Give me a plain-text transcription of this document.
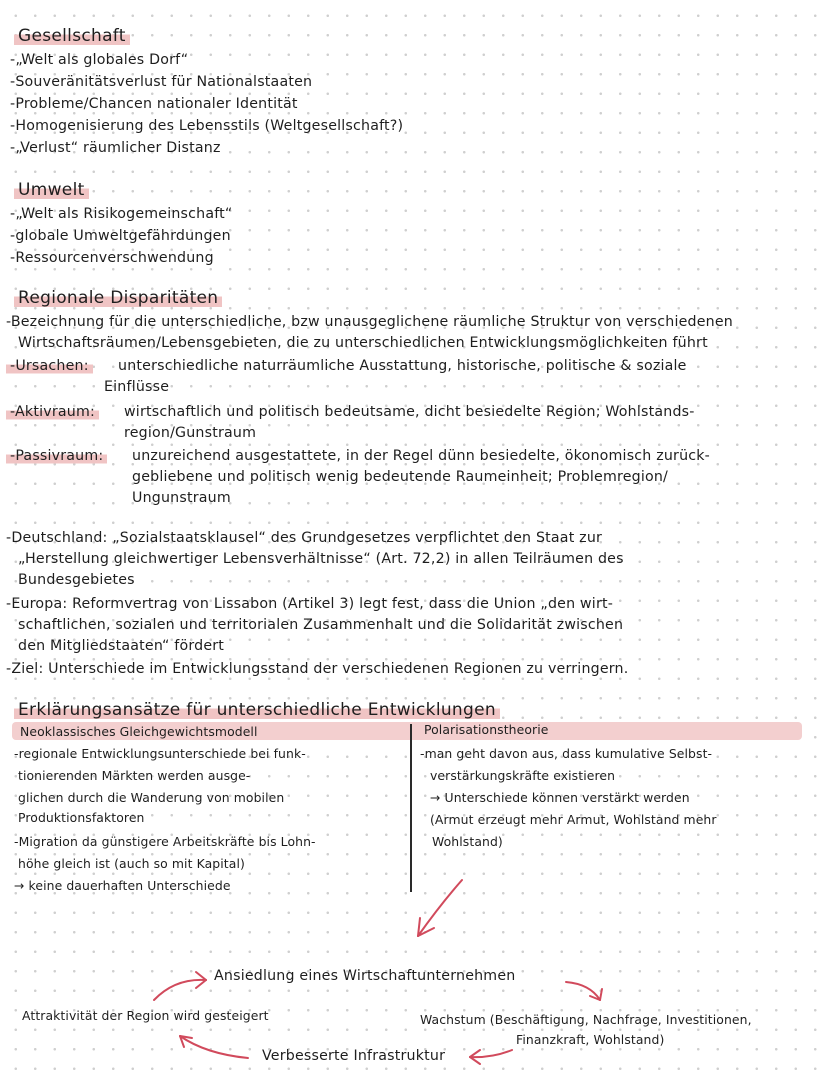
Gesellschaft
-„Welt als globales Dorf“
-Souveränitätsverlust für Nationalstaaten
-Probleme/Chancen nationaler Identität
-Homogenisierung des Lebensstils (Weltgesellschaft?)
-„Verlust“ räumlicher Distanz
Umwelt
-„Welt als Risikogemeinschaft“
-globale Umweltgefährdungen
-Ressourcenverschwendung
Regionale Disparitäten
-Bezeichnung für die unterschiedliche, bzw unausgeglichene räumliche Struktur von verschiedenen
Wirtschaftsräumen/Lebensgebieten, die zu unterschiedlichen Entwicklungsmöglichkeiten führt
-Ursachen: unterschiedliche naturräumliche Ausstattung, historische, politische & soziale
Einflüsse
-Aktivraum: wirtschaftlich und politisch bedeutsame, dicht besiedelte Region; Wohlstands-
region/Gunstraum
-Passivraum: unzureichend ausgestattete, in der Regel dünn besiedelte, ökonomisch zurück-
gebliebene und politisch wenig bedeutende Raumeinheit; Problemregion/
Ungunstraum
-Deutschland: „Sozialstaatsklausel“ des Grundgesetzes verpflichtet den Staat zur
„Herstellung gleichwertiger Lebensverhältnisse“ (Art. 72,2) in allen Teilräumen des
Bundesgebietes
-Europa: Reformvertrag von Lissabon (Artikel 3) legt fest, dass die Union „den wirt-
schaftlichen, sozialen und territorialen Zusammenhalt und die Solidarität zwischen
den Mitgliedstaaten“ fördert
-Ziel: Unterschiede im Entwicklungsstand der verschiedenen Regionen zu verringern.
Erklärungsansätze für unterschiedliche Entwicklungen
Neoklassisches Gleichgewichtsmodell	Polarisationstheorie
-regionale Entwicklungsunterschiede bei funk-
tionierenden Märkten werden ausge-
glichen durch die Wanderung von mobilen
Produktionsfaktoren
-Migration da günstigere Arbeitskräfte bis Lohn-
höhe gleich ist (auch so mit Kapital)
→ keine dauerhaften Unterschiede
-man geht davon aus, dass kumulative Selbst-
verstärkungskräfte existieren
→ Unterschiede können verstärkt werden
(Armut erzeugt mehr Armut, Wohlstand mehr
Wohlstand)
Ansiedlung eines Wirtschaftunternehmen
Attraktivität der Region wird gesteigert	Wachstum (Beschäftigung, Nachfrage, Investitionen,
Finanzkraft, Wohlstand)
Verbesserte Infrastruktur
